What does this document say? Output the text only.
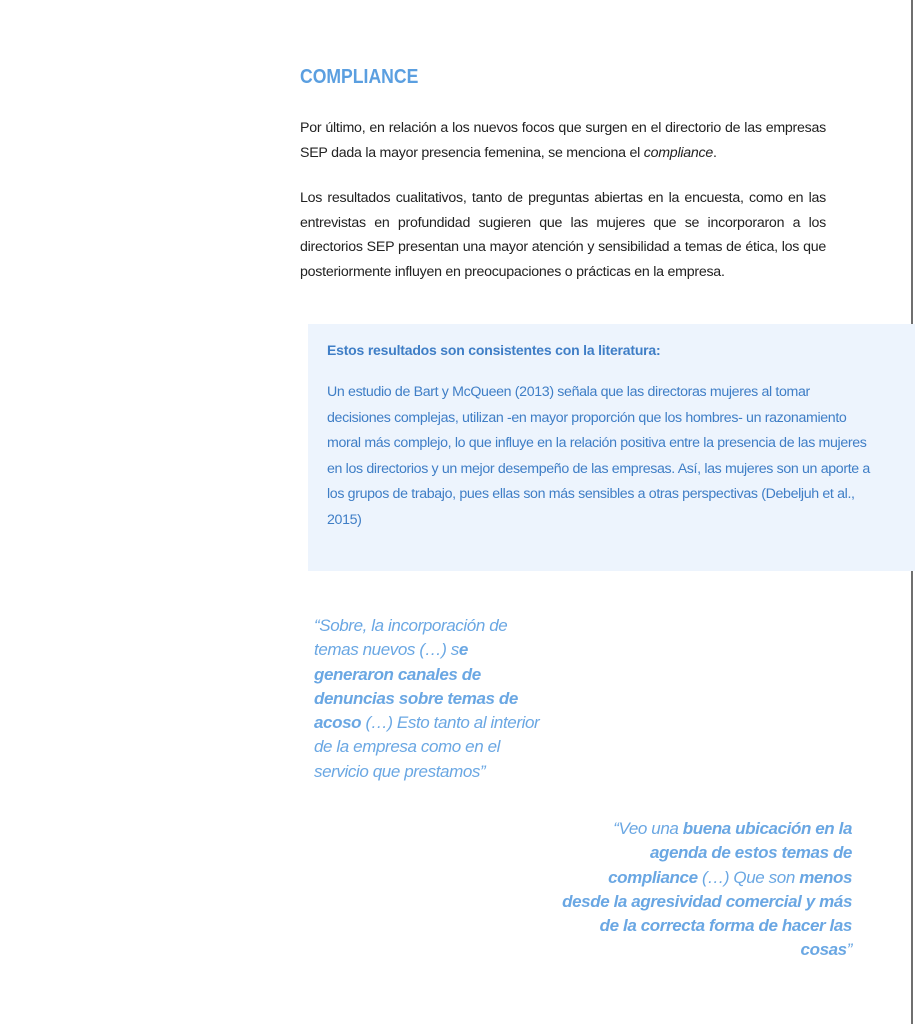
COMPLIANCE

Por último, en relación a los nuevos focos que surgen en el directorio de las empresas SEP dada la mayor presencia femenina, se menciona el compliance.

Los resultados cualitativos, tanto de preguntas abiertas en la encuesta, como en las entrevistas en profundidad sugieren que las mujeres que se incorporaron a los directorios SEP presentan una mayor atención y sensibilidad a temas de ética, los que posteriormente influyen en preocupaciones o prácticas en la empresa.

Estos resultados son consistentes con la literatura:

Un estudio de Bart y McQueen (2013) señala que las directoras mujeres al tomar decisiones complejas, utilizan -en mayor proporción que los hombres- un razonamiento moral más complejo, lo que influye en la relación positiva entre la presencia de las mujeres en los directorios y un mejor desempeño de las empresas. Así, las mujeres son un aporte a los grupos de trabajo, pues ellas son más sensibles a otras perspectivas (Debeljuh et al., 2015)

“Sobre, la incorporación de temas nuevos (…) se generaron canales de denuncias sobre temas de acoso (…) Esto tanto al interior de la empresa como en el servicio que prestamos”

“Veo una buena ubicación en la agenda de estos temas de compliance (…) Que son menos desde la agresividad comercial y más de la correcta forma de hacer las cosas”
